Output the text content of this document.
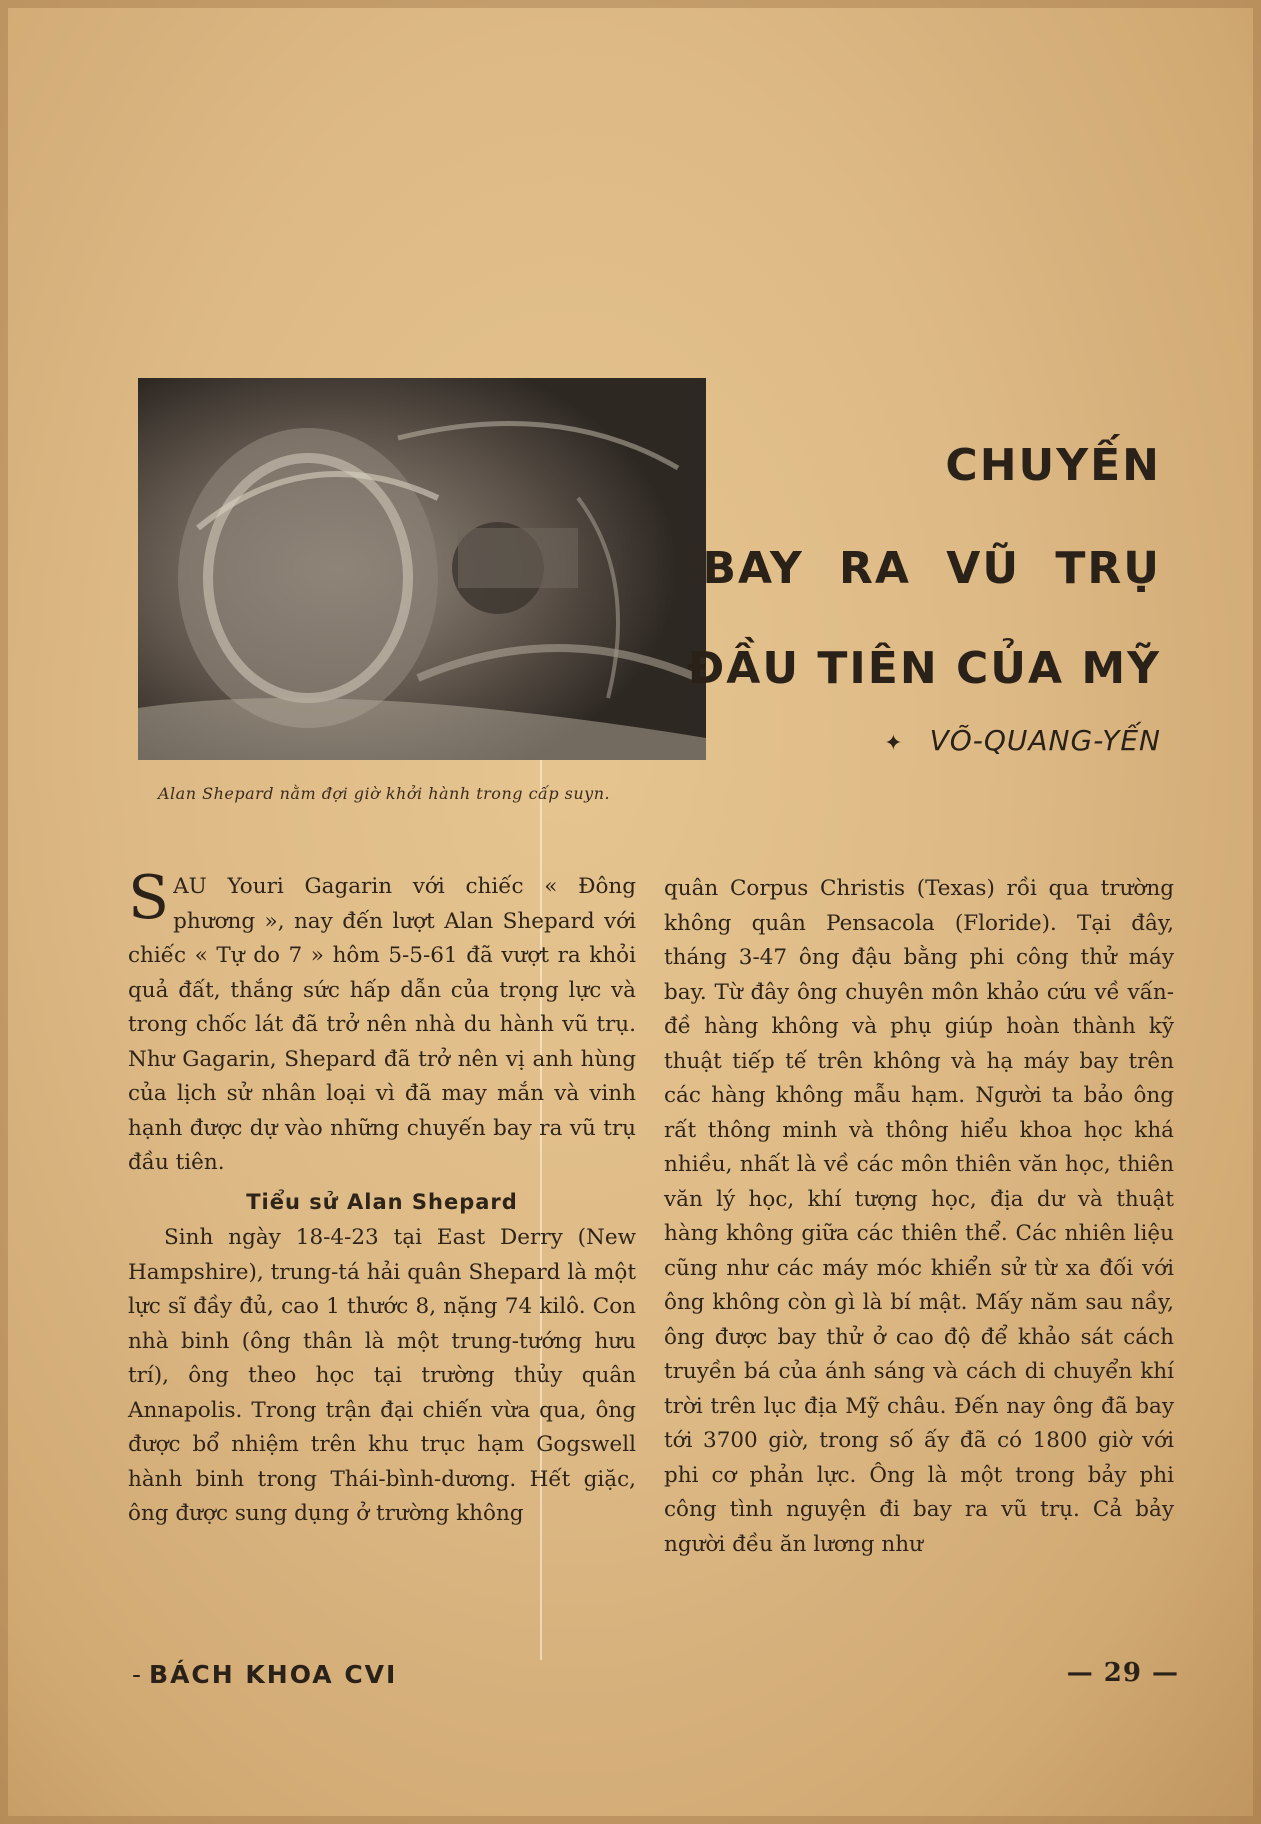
Alan Shepard nằm đợi giờ khởi hành trong cấp suyn.
CHUYẾN
BAY RA VŨ TRỤ
ĐẦU TIÊN CỦA MỸ
✦ VÕ-QUANG-YẾN

SAU Youri Gagarin với chiếc « Đông phương », nay đến lượt Alan Shepard với chiếc « Tự do 7 » hôm 5-5-61 đã vượt ra khỏi quả đất, thắng sức hấp dẫn của trọng lực và trong chốc lát đã trở nên nhà du hành vũ trụ. Như Gagarin, Shepard đã trở nên vị anh hùng của lịch sử nhân loại vì đã may mắn và vinh hạnh được dự vào những chuyến bay ra vũ trụ đầu tiên.

Tiểu sử Alan Shepard

Sinh ngày 18-4-23 tại East Derry (New Hampshire), trung-tá hải quân Shepard là một lực sĩ đầy đủ, cao 1 thước 8, nặng 74 kilô. Con nhà binh (ông thân là một trung-tướng hưu trí), ông theo học tại trường thủy quân Annapolis. Trong trận đại chiến vừa qua, ông được bổ nhiệm trên khu trục hạm Gogswell hành binh trong Thái-bình-dương. Hết giặc, ông được sung dụng ở trường không

quân Corpus Christis (Texas) rồi qua trường không quân Pensacola (Floride). Tại đây, tháng 3-47 ông đậu bằng phi công thử máy bay. Từ đây ông chuyên môn khảo cứu về vấn-đề hàng không và phụ giúp hoàn thành kỹ thuật tiếp tế trên không và hạ máy bay trên các hàng không mẫu hạm. Người ta bảo ông rất thông minh và thông hiểu khoa học khá nhiều, nhất là về các môn thiên văn học, thiên văn lý học, khí tượng học, địa dư và thuật hàng không giữa các thiên thể. Các nhiên liệu cũng như các máy móc khiển sử từ xa đối với ông không còn gì là bí mật. Mấy năm sau nầy, ông được bay thử ở cao độ để khảo sát cách truyền bá của ánh sáng và cách di chuyển khí trời trên lục địa Mỹ châu. Đến nay ông đã bay tới 3700 giờ, trong số ấy đã có 1800 giờ với phi cơ phản lực. Ông là một trong bảy phi công tình nguyện đi bay ra vũ trụ. Cả bảy người đều ăn lương như

- BÁCH KHOA CVI	— 29 —
